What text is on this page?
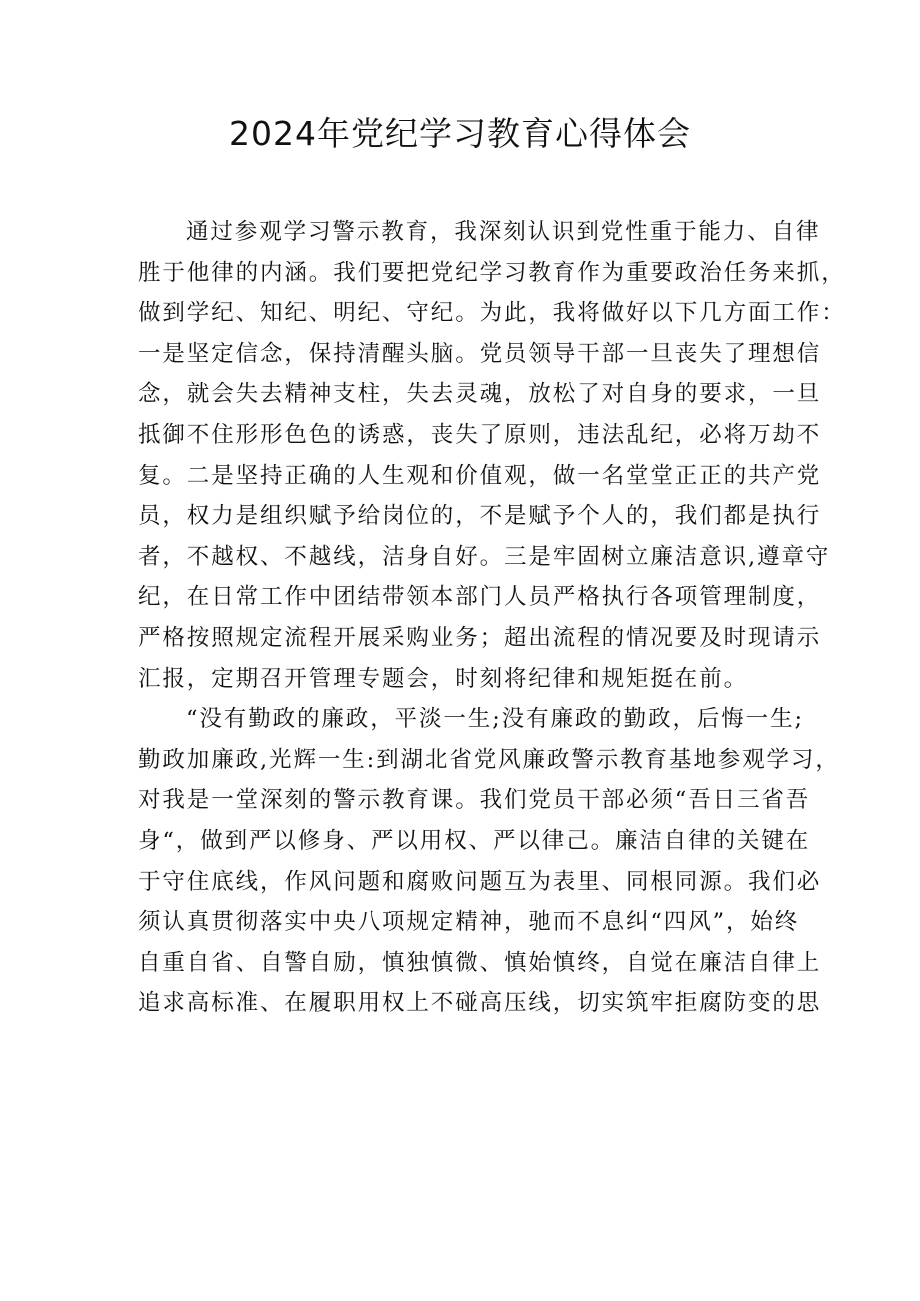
2024年党纪学习教育心得体会
通过参观学习警示教育，我深刻认识到党性重于能力、自律
胜于他律的内涵。我们要把党纪学习教育作为重要政治任务来抓，
做到学纪、知纪、明纪、守纪。为此，我将做好以下几方面工作：
一是坚定信念，保持清醒头脑。党员领导干部一旦丧失了理想信
念，就会失去精神支柱，失去灵魂，放松了对自身的要求，一旦
抵御不住形形色色的诱惑，丧失了原则，违法乱纪，必将万劫不
复。二是坚持正确的人生观和价值观，做一名堂堂正正的共产党
员，权力是组织赋予给岗位的，不是赋予个人的，我们都是执行
者，不越权、不越线，洁身自好。三是牢固树立廉洁意识,遵章守
纪，在日常工作中团结带领本部门人员严格执行各项管理制度，
严格按照规定流程开展采购业务；超出流程的情况要及时现请示
汇报，定期召开管理专题会，时刻将纪律和规矩挺在前。
“没有勤政的廉政，平淡一生;没有廉政的勤政，后悔一生;
勤政加廉政,光辉一生:到湖北省党风廉政警示教育基地参观学习，
对我是一堂深刻的警示教育课。我们党员干部必须“吾日三省吾
身“，做到严以修身、严以用权、严以律己。廉洁自律的关键在
于守住底线，作风问题和腐败问题互为表里、同根同源。我们必
须认真贯彻落实中央八项规定精神，驰而不息纠“四风”，始终
自重自省、自警自励，慎独慎微、慎始慎终，自觉在廉洁自律上
追求高标准、在履职用权上不碰高压线，切实筑牢拒腐防变的思
